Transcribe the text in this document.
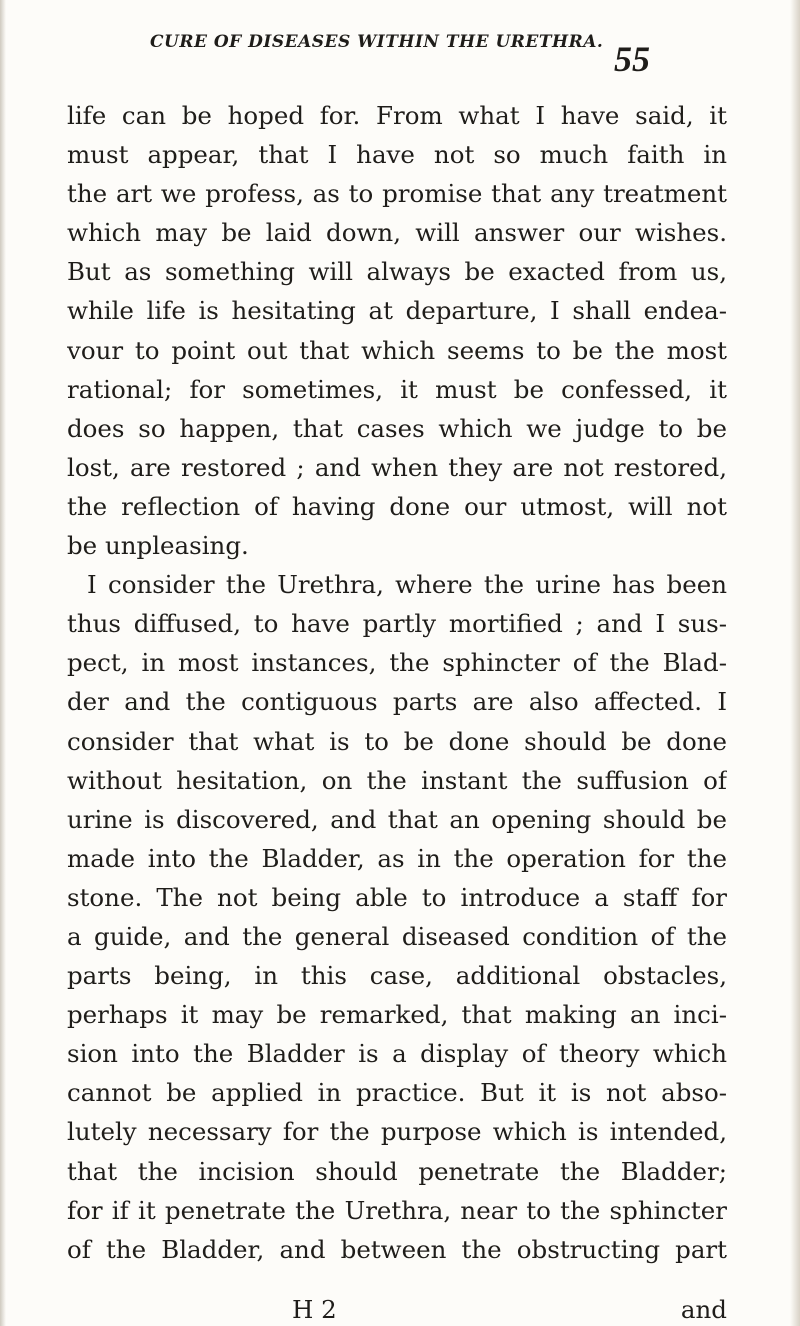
CURE OF DISEASES WITHIN THE URETHRA. 55
life can be hoped for. From what I have said, it
must appear, that I have not so much faith in
the art we profess, as to promise that any treatment
which may be laid down, will answer our wishes.
But as something will always be exacted from us,
while life is hesitating at departure, I shall endea-
vour to point out that which seems to be the most
rational; for sometimes, it must be confessed, it
does so happen, that cases which we judge to be
lost, are restored ; and when they are not restored,
the reflection of having done our utmost, will not
be unpleasing.
I consider the Urethra, where the urine has been
thus diffused, to have partly mortified ; and I sus-
pect, in most instances, the sphincter of the Blad-
der and the contiguous parts are also affected. I
consider that what is to be done should be done
without hesitation, on the instant the suffusion of
urine is discovered, and that an opening should be
made into the Bladder, as in the operation for the
stone. The not being able to introduce a staff for
a guide, and the general diseased condition of the
parts being, in this case, additional obstacles,
perhaps it may be remarked, that making an inci-
sion into the Bladder is a display of theory which
cannot be applied in practice. But it is not abso-
lutely necessary for the purpose which is intended,
that the incision should penetrate the Bladder;
for if it penetrate the Urethra, near to the sphincter
of the Bladder, and between the obstructing part
H 2	and
